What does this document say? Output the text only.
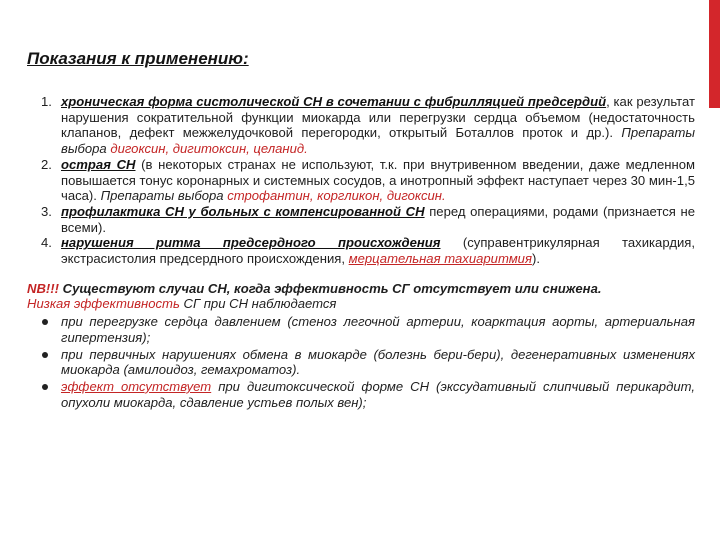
Показания к применению:
1. хроническая форма систолической СН в сочетании с фибрилляцией предсердий, как результат нарушения сократительной функции миокарда или перегрузки сердца объемом (недостаточность клапанов, дефект межжелудочковой перегородки, открытый Боталлов проток и др.). Препараты выбора дигоксин, дигитоксин, целанид.
2. острая СН (в некоторых странах не используют, т.к. при внутривенном введении, даже медленном повышается тонус коронарных и системных сосудов, а инотропный эффект наступает через 30 мин-1,5 часа). Препараты выбора строфантин, коргликон, дигоксин.
3. профилактика СН у больных с компенсированной СН перед операциями, родами (признается не всеми).
4. нарушения ритма предсердного происхождения (суправентрикулярная тахикардия, экстрасистолия предсердного происхождения, мерцательная тахиаритмия).
NB!!! Существуют случаи СН, когда эффективность СГ отсутствует или снижена.
Низкая эффективность СГ при СН наблюдается
при перегрузке сердца давлением (стеноз легочной артерии, коарктация аорты, артериальная гипертензия);
при первичных нарушениях обмена в миокарде (болезнь бери-бери), дегенеративных изменениях миокарда (амилоидоз, гемахроматоз).
эффект отсутствует при дигитоксической форме СН (экссудативный слипчивый перикардит, опухоли миокарда, сдавление устьев полых вен);
